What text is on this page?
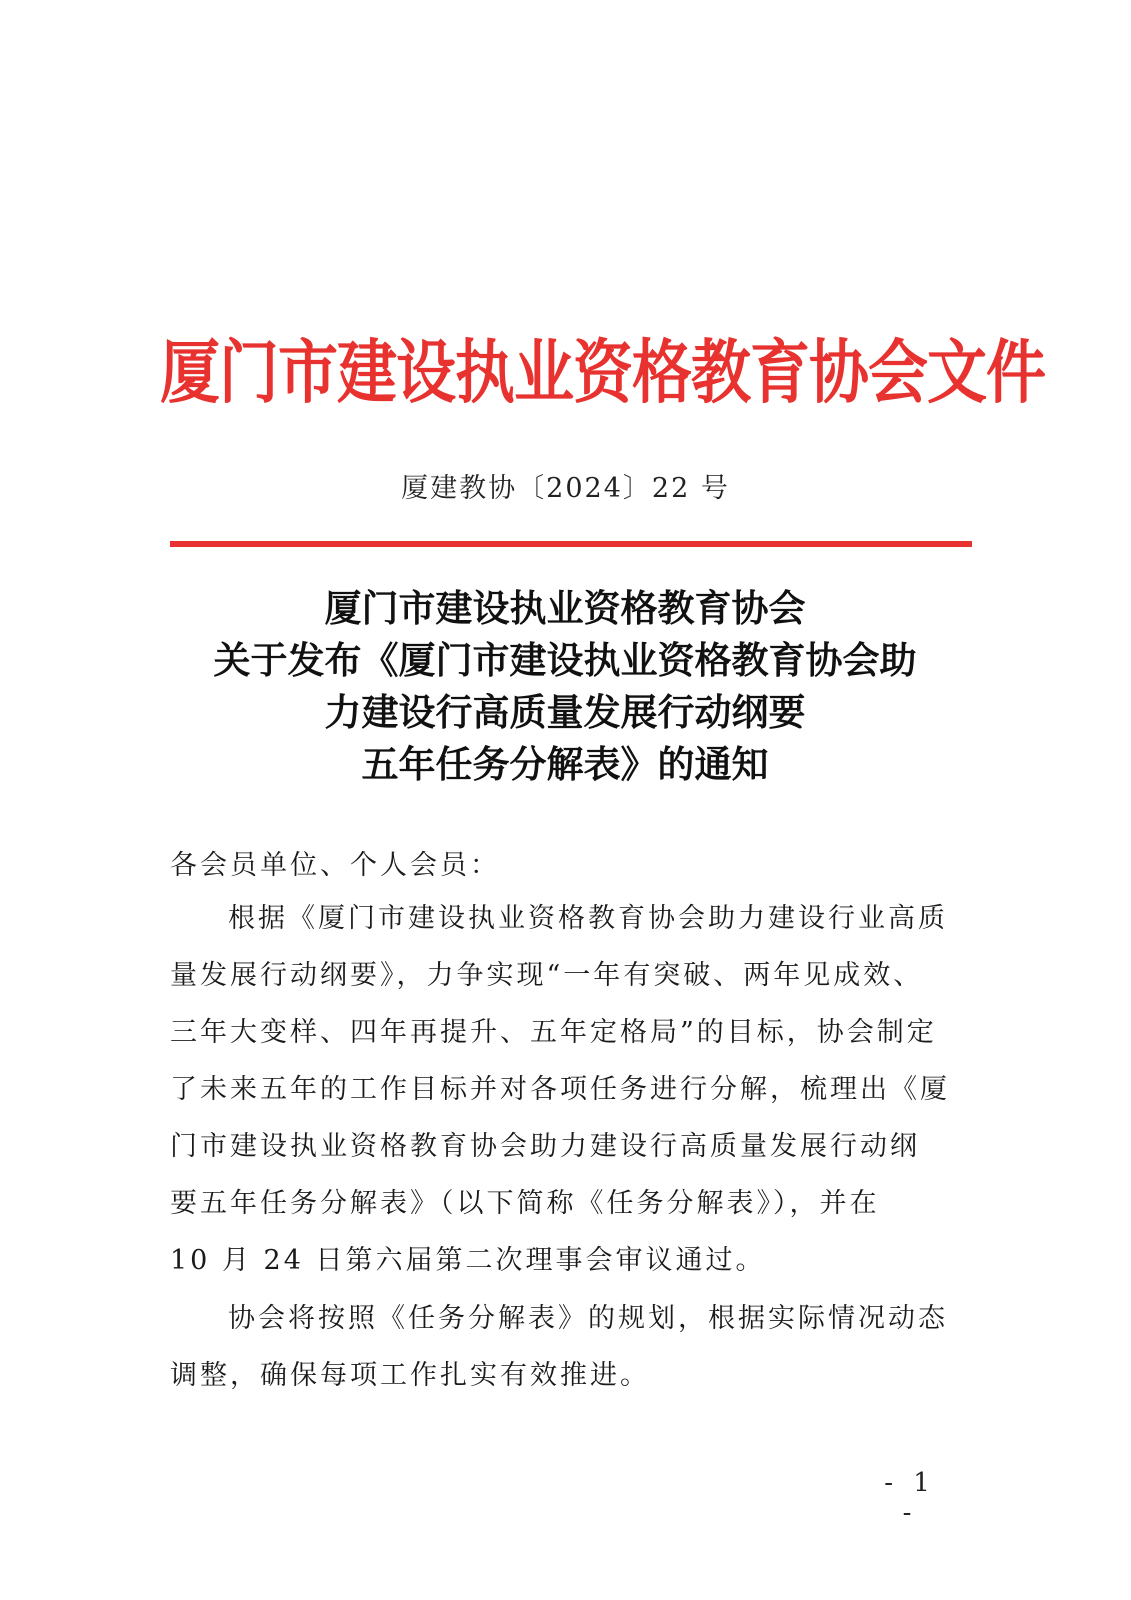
厦门市建设执业资格教育协会文件
厦建教协〔2024〕22 号
厦门市建设执业资格教育协会
关于发布《厦门市建设执业资格教育协会助
力建设行高质量发展行动纲要
五年任务分解表》的通知
各会员单位、个人会员：
根据《厦门市建设执业资格教育协会助力建设行业高质
量发展行动纲要》，力争实现“一年有突破、两年见成效、
三年大变样、四年再提升、五年定格局”的目标，协会制定
了未来五年的工作目标并对各项任务进行分解，梳理出《厦
门市建设执业资格教育协会助力建设行高质量发展行动纲
要五年任务分解表》（以下简称《任务分解表》），并在
10 月 24 日第六届第二次理事会审议通过。
协会将按照《任务分解表》的规划，根据实际情况动态
调整，确保每项工作扎实有效推进。
- 1 -
